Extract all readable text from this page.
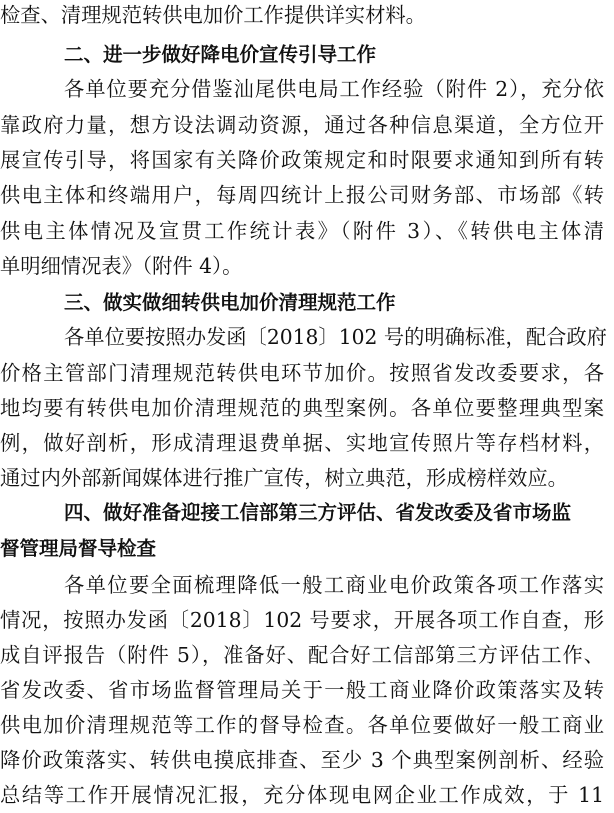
检查、清理规范转供电加价工作提供详实材料。
二、进一步做好降电价宣传引导工作
各单位要充分借鉴汕尾供电局工作经验（附件 2），充分依
靠政府力量，想方设法调动资源，通过各种信息渠道，全方位开
展宣传引导，将国家有关降价政策规定和时限要求通知到所有转
供电主体和终端用户，每周四统计上报公司财务部、市场部《转
供电主体情况及宣贯工作统计表》（附件 3）、《转供电主体清
单明细情况表》（附件 4）。
三、做实做细转供电加价清理规范工作
各单位要按照办发函〔2018〕102 号的明确标准，配合政府
价格主管部门清理规范转供电环节加价。按照省发改委要求，各
地均要有转供电加价清理规范的典型案例。各单位要整理典型案
例，做好剖析，形成清理退费单据、实地宣传照片等存档材料，
通过内外部新闻媒体进行推广宣传，树立典范，形成榜样效应。
四、做好准备迎接工信部第三方评估、省发改委及省市场监
督管理局督导检查
各单位要全面梳理降低一般工商业电价政策各项工作落实
情况，按照办发函〔2018〕102 号要求，开展各项工作自查，形
成自评报告（附件 5），准备好、配合好工信部第三方评估工作、
省发改委、省市场监督管理局关于一般工商业降价政策落实及转
供电加价清理规范等工作的督导检查。各单位要做好一般工商业
降价政策落实、转供电摸底排查、至少 3 个典型案例剖析、经验
总结等工作开展情况汇报，充分体现电网企业工作成效，于 11
